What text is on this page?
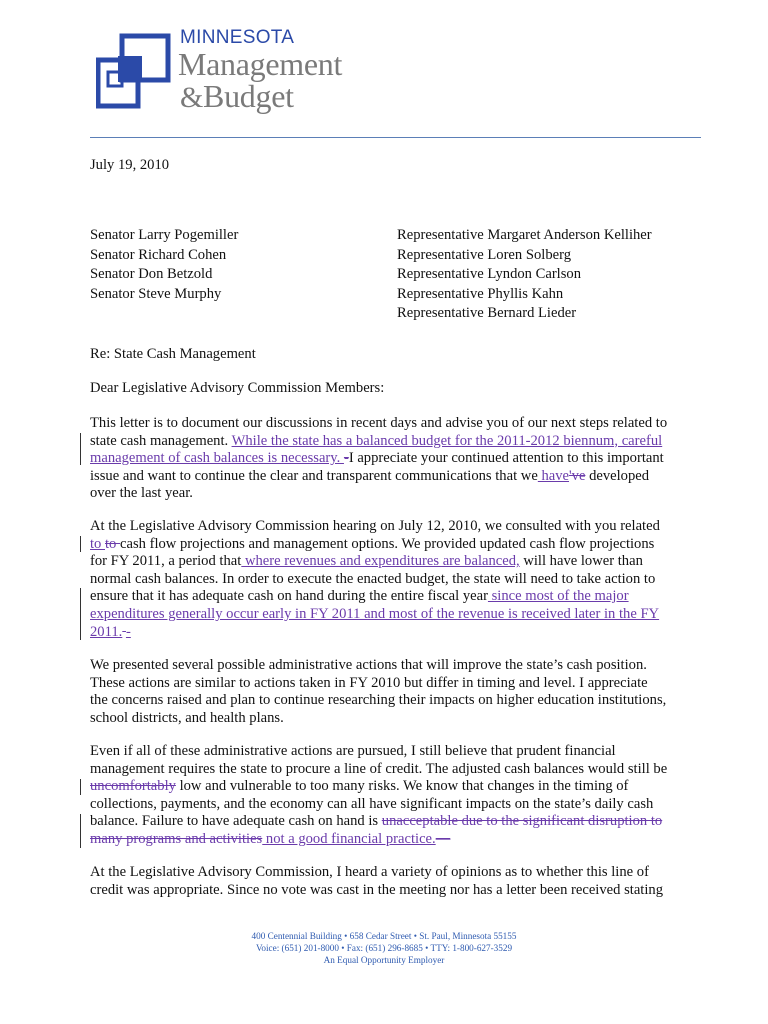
MINNESOTA
Management
&Budget
July 19, 2010
Senator Larry Pogemiller
Senator Richard Cohen
Senator Don Betzold
Senator Steve Murphy
Representative Margaret Anderson Kelliher
Representative Loren Solberg
Representative Lyndon Carlson
Representative Phyllis Kahn
Representative Bernard Lieder
Re: State Cash Management
Dear Legislative Advisory Commission Members:
This letter is to document our discussions in recent days and advise you of our next steps related to
state cash management. While the state has a balanced budget for the 2011-2012 biennum, careful
management of cash balances is necessary. -I appreciate your continued attention to this important
issue and want to continue the clear and transparent communications that we have've developed
over the last year.
At the Legislative Advisory Commission hearing on July 12, 2010, we consulted with you related
to to cash flow projections and management options. We provided updated cash flow projections
for FY 2011, a period that where revenues and expenditures are balanced, will have lower than
normal cash balances. In order to execute the enacted budget, the state will need to take action to
ensure that it has adequate cash on hand during the entire fiscal year since most of the major
expenditures generally occur early in FY 2011 and most of the revenue is received later in the FY
2011. -
We presented several possible administrative actions that will improve the state’s cash position.
These actions are similar to actions taken in FY 2010 but differ in timing and level. I appreciate
the concerns raised and plan to continue researching their impacts on higher education institutions,
school districts, and health plans.
Even if all of these administrative actions are pursued, I still believe that prudent financial
management requires the state to procure a line of credit. The adjusted cash balances would still be
uncomfortably low and vulnerable to too many risks. We know that changes in the timing of
collections, payments, and the economy can all have significant impacts on the state’s daily cash
balance. Failure to have adequate cash on hand is unacceptable due to the significant disruption to
many programs and activities not a good financial practice.—
At the Legislative Advisory Commission, I heard a variety of opinions as to whether this line of
credit was appropriate. Since no vote was cast in the meeting nor has a letter been received stating
400 Centennial Building • 658 Cedar Street • St. Paul, Minnesota 55155
Voice: (651) 201-8000 • Fax: (651) 296-8685 • TTY: 1-800-627-3529
An Equal Opportunity Employer
